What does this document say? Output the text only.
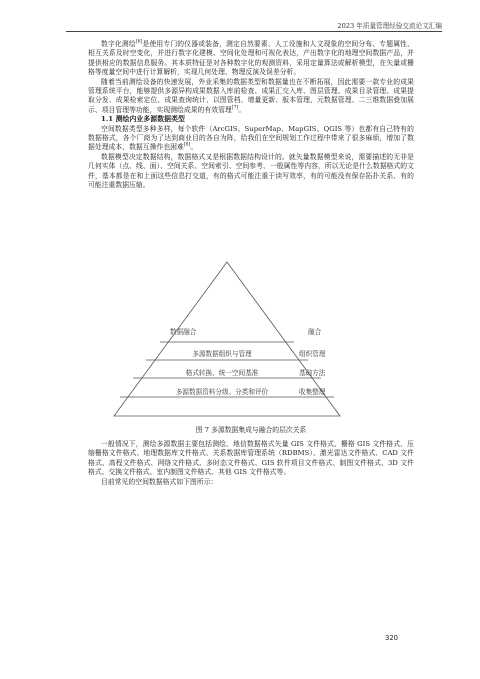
2023 年质量管理经验交流论文汇编

数字化测绘[6]是使用专门的仪器或装备，测定自然要素、人工设施和人文现象的空间分布、专题属性、相互关系及时空变化，并进行数字化建模、空间化处理和可视化表达，产出数字化的地理空间数据产品，并提供相应的数据信息服务。其本质特征是对各种数字化的观测资料，采用定量算法或解析模型，在矢量或栅格等度量空间中进行计算解析，实现几何处理、物理反演及误差分析。

随着当前测绘设备的快速发展，外业采集的数据类型和数据量也在不断拓展，因此需要一款专业的成果管理系统平台，能够提供多源异构成果数据入库前检查、成果汇交入库、图层管理、成果目录管理、成果提取分发、成果检索定位、成果查询统计、以图管档、增量更新、版本管理、元数据管理、二三维数据叠加展示、项目管理等功能，实现测绘成果的有效管理[7]。

1.1 测绘内业多源数据类型

空间数据类型多种多样，每个软件（ArcGIS、SuperMap、MapGIS、QGIS 等）也都有自己特有的数据格式，各个厂商为了达到商业目的各自为阵，给我们在空间规划工作过程中带来了很多麻烦，增加了数据处理成本，数据互操作也困难[8]。

数据模型决定数据结构，数据格式又是根据数据结构设计的。就矢量数据模型来说，需要描述的无非是几何实体（点、线、面）、空间关系、空间索引、空间参考、一般属性等内容，所以无论是什么数据格式的文件，基本都是在和上面这些信息打交道，有的格式可能注重于读写效率，有的可能没有保存拓扑关系、有的可能注重数据压缩。

数据融合
多源数据组织与管理
格式转换、统一空间基准
多源数据资料分级、分类和评价
融合
组织管理
基础方法
收集整理
图 7 多源数据集成与融合的层次关系

一般情况下，测绘多源数据主要包括测绘、地信数据格式矢量 GIS 文件格式、栅格 GIS 文件格式、压缩栅格文件格式、地理数据库文件格式、关系数据库管理系统（RDBMS）、激光雷达文件格式、CAD 文件格式、高程文件格式、网络文件格式、多时态文件格式、GIS 软件项目文件格式、制图文件格式、3D 文件格式、交换文件格式、室内制图文件格式、其他 GIS 文件格式等。

目前常见的空间数据格式如下图所示：

320
